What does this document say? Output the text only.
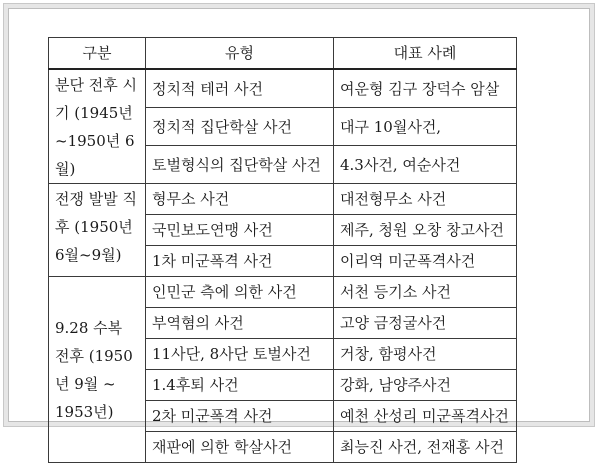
구분	유형	대표 사례
분단 전후 시기 (1945년~1950년 6월)	정치적 테러 사건	여운형 김구 장덕수 암살
	정치적 집단학살 사건	대구 10월사건,
	토벌형식의 집단학살 사건	4.3사건, 여순사건
전쟁 발발 직후 (1950년 6월~9월)	형무소 사건	대전형무소 사건
	국민보도연맹 사건	제주, 청원 오창 창고사건
	1차 미군폭격 사건	이리역 미군폭격사건
9.28 수복 전후 (1950년 9월 ~ 1953년)	인민군 측에 의한 사건	서천 등기소 사건
	부역혐의 사건	고양 금정굴사건
	11사단, 8사단 토벌사건	거창, 함평사건
	1.4후퇴 사건	강화, 남양주사건
	2차 미군폭격 사건	예천 산성리 미군폭격사건
	재판에 의한 학살사건	최능진 사건, 전재홍 사건
